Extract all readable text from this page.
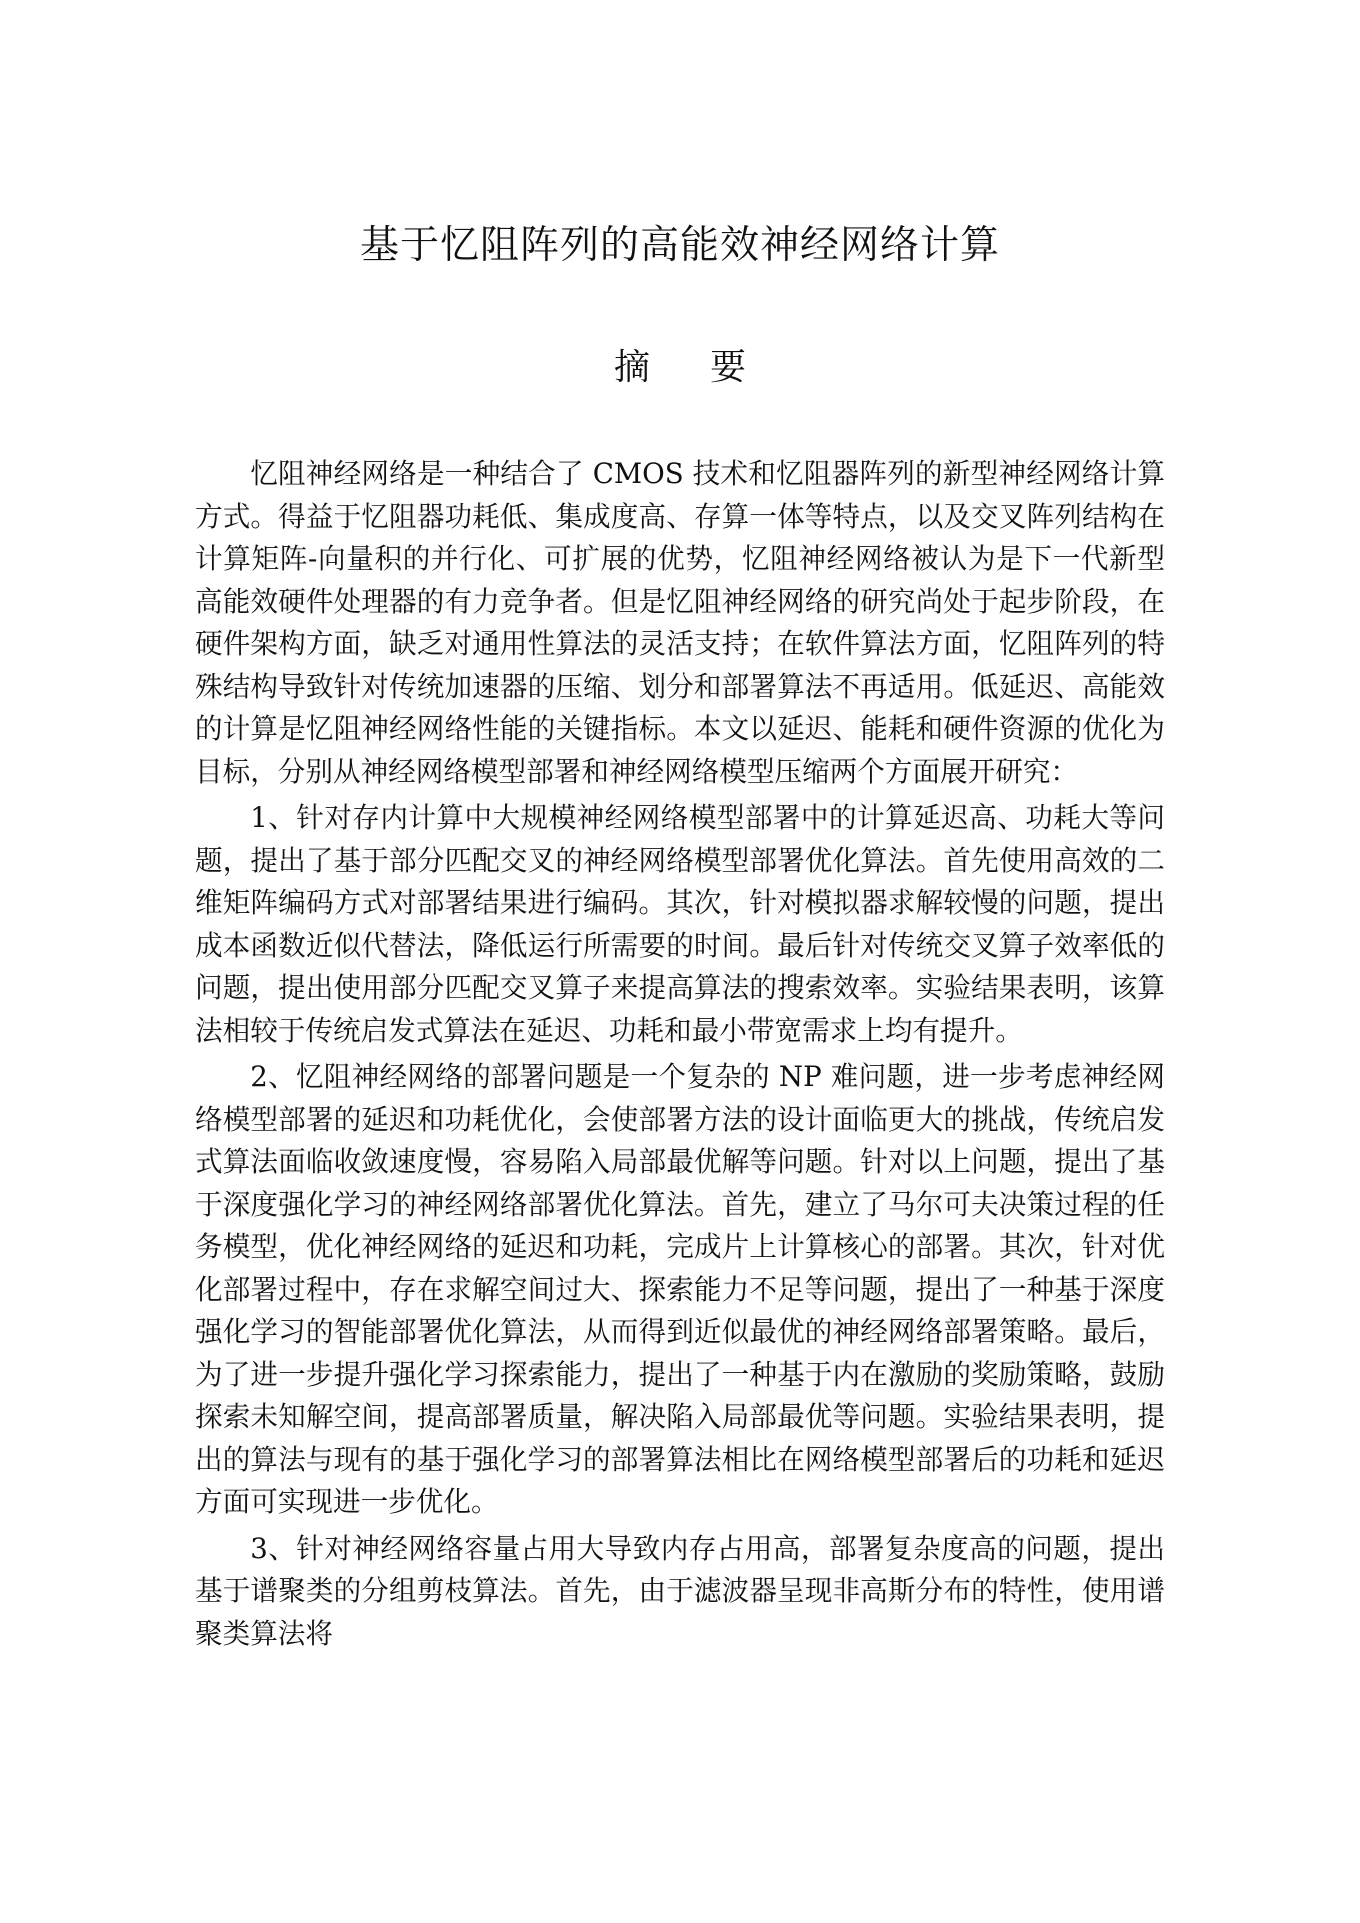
基于忆阻阵列的高能效神经网络计算
摘要

忆阻神经网络是一种结合了 CMOS 技术和忆阻器阵列的新型神经网络计算方式。得益于忆阻器功耗低、集成度高、存算一体等特点，以及交叉阵列结构在计算矩阵-向量积的并行化、可扩展的优势，忆阻神经网络被认为是下一代新型高能效硬件处理器的有力竞争者。但是忆阻神经网络的研究尚处于起步阶段，在硬件架构方面，缺乏对通用性算法的灵活支持；在软件算法方面，忆阻阵列的特殊结构导致针对传统加速器的压缩、划分和部署算法不再适用。低延迟、高能效的计算是忆阻神经网络性能的关键指标。本文以延迟、能耗和硬件资源的优化为目标，分别从神经网络模型部署和神经网络模型压缩两个方面展开研究：

1、针对存内计算中大规模神经网络模型部署中的计算延迟高、功耗大等问题，提出了基于部分匹配交叉的神经网络模型部署优化算法。首先使用高效的二维矩阵编码方式对部署结果进行编码。其次，针对模拟器求解较慢的问题，提出成本函数近似代替法，降低运行所需要的时间。最后针对传统交叉算子效率低的问题，提出使用部分匹配交叉算子来提高算法的搜索效率。实验结果表明，该算法相较于传统启发式算法在延迟、功耗和最小带宽需求上均有提升。

2、忆阻神经网络的部署问题是一个复杂的 NP 难问题，进一步考虑神经网络模型部署的延迟和功耗优化，会使部署方法的设计面临更大的挑战，传统启发式算法面临收敛速度慢，容易陷入局部最优解等问题。针对以上问题，提出了基于深度强化学习的神经网络部署优化算法。首先，建立了马尔可夫决策过程的任务模型，优化神经网络的延迟和功耗，完成片上计算核心的部署。其次，针对优化部署过程中，存在求解空间过大、探索能力不足等问题，提出了一种基于深度强化学习的智能部署优化算法，从而得到近似最优的神经网络部署策略。最后，为了进一步提升强化学习探索能力，提出了一种基于内在激励的奖励策略，鼓励探索未知解空间，提高部署质量，解决陷入局部最优等问题。实验结果表明，提出的算法与现有的基于强化学习的部署算法相比在网络模型部署后的功耗和延迟方面可实现进一步优化。

3、针对神经网络容量占用大导致内存占用高，部署复杂度高的问题，提出基于谱聚类的分组剪枝算法。首先，由于滤波器呈现非高斯分布的特性，使用谱聚类算法将
